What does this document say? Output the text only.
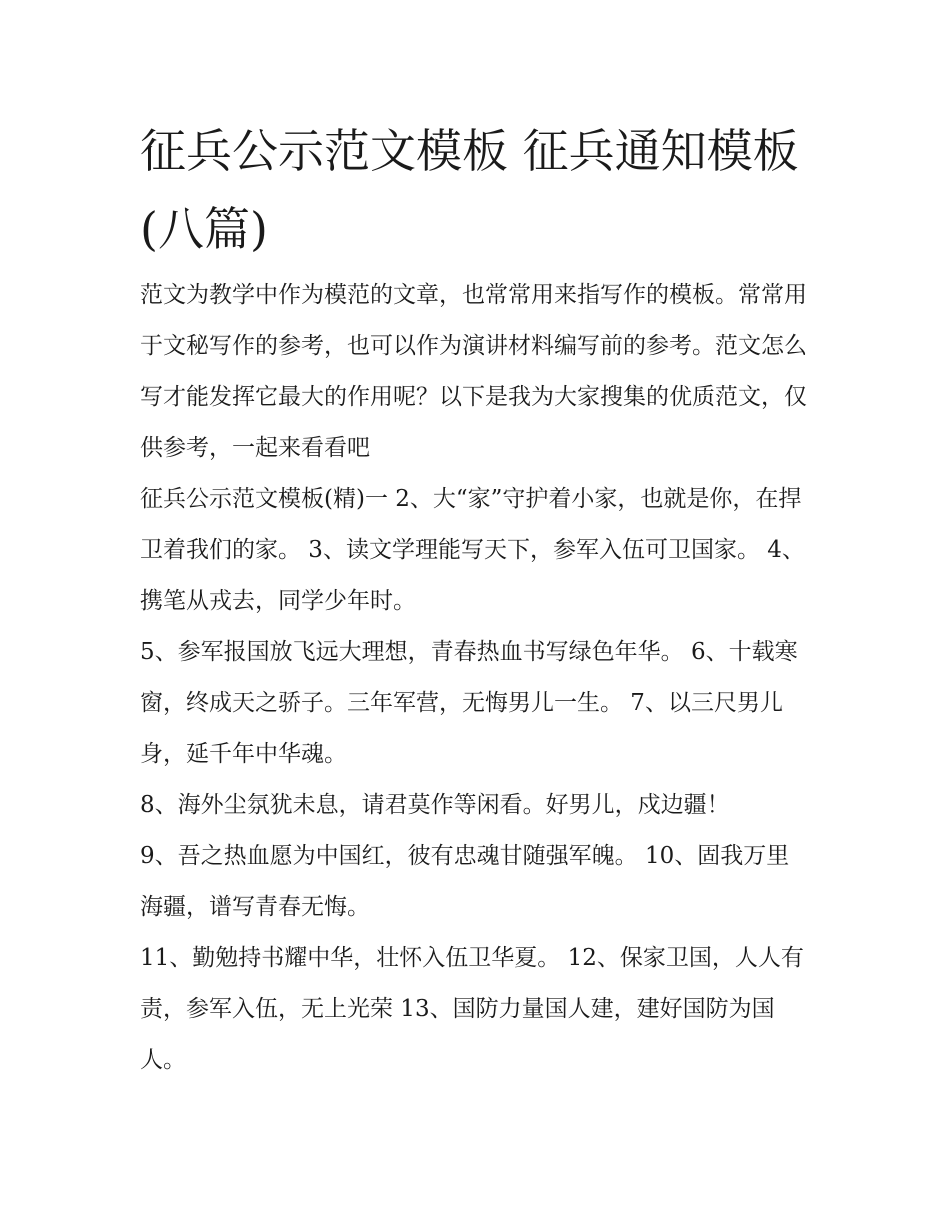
征兵公示范文模板 征兵通知模板(八篇)

范文为教学中作为模范的文章，也常常用来指写作的模板。常常用于文秘写作的参考，也可以作为演讲材料编写前的参考。范文怎么写才能发挥它最大的作用呢？以下是我为大家搜集的优质范文，仅供参考，一起来看看吧

征兵公示范文模板(精)一 2、大“家”守护着小家，也就是你，在捍卫着我们的家。 3、读文学理能写天下，参军入伍可卫国家。 4、携笔从戎去，同学少年时。

5、参军报国放飞远大理想，青春热血书写绿色年华。 6、十载寒窗，终成天之骄子。三年军营，无悔男儿一生。 7、以三尺男儿身，延千年中华魂。

8、海外尘氛犹未息，请君莫作等闲看。好男儿，戍边疆！

9、吾之热血愿为中国红，彼有忠魂甘随强军魄。 10、固我万里海疆，谱写青春无悔。

11、勤勉持书耀中华，壮怀入伍卫华夏。 12、保家卫国，人人有责，参军入伍，无上光荣 13、国防力量国人建，建好国防为国人。
